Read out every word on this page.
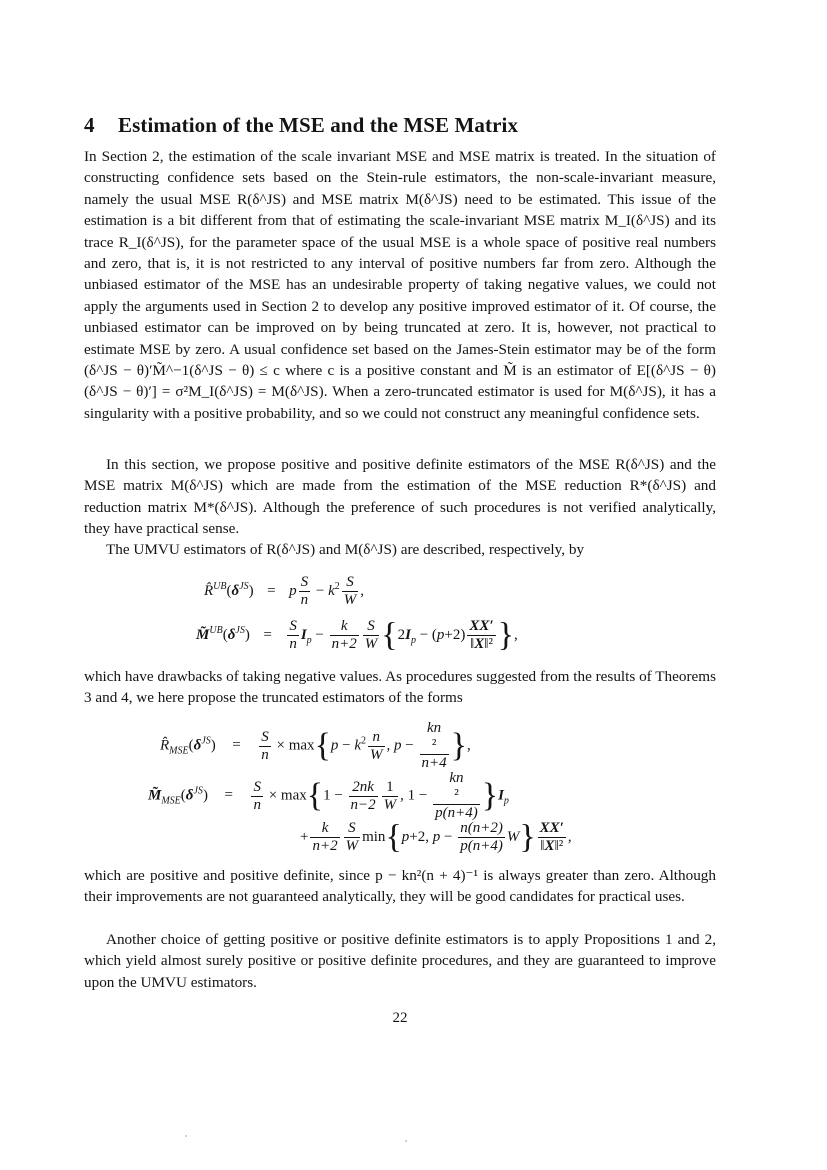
4 Estimation of the MSE and the MSE Matrix

In Section 2, the estimation of the scale invariant MSE and MSE matrix is treated. In the situation of constructing confidence sets based on the Stein-rule estimators, the non-scale-invariant measure, namely the usual MSE R(δ^JS) and MSE matrix M(δ^JS) need to be estimated. This issue of the estimation is a bit different from that of estimating the scale-invariant MSE matrix M_I(δ^JS) and its trace R_I(δ^JS), for the parameter space of the usual MSE is a whole space of positive real numbers and zero, that is, it is not restricted to any interval of positive numbers far from zero. Although the unbiased estimator of the MSE has an undesirable property of taking negative values, we could not apply the arguments used in Section 2 to develop any positive improved estimator of it. Of course, the unbiased estimator can be improved on by being truncated at zero. It is, however, not practical to estimate MSE by zero. A usual confidence set based on the James-Stein estimator may be of the form (δ^JS − θ)′M̃^−1(δ^JS − θ) ≤ c where c is a positive constant and M̃ is an estimator of E[(δ^JS − θ)(δ^JS − θ)′] = σ²M_I(δ^JS) = M(δ^JS). When a zero-truncated estimator is used for M(δ^JS), it has a singularity with a positive probability, and so we could not construct any meaningful confidence sets.

In this section, we propose positive and positive definite estimators of the MSE R(δ^JS) and the MSE matrix M(δ^JS) which are made from the estimation of the MSE reduction R*(δ^JS) and reduction matrix M*(δ^JS). Although the preference of such procedures is not verified analytically, they have practical sense.

The UMVU estimators of R(δ^JS) and M(δ^JS) are described, respectively, by

$R̂^{UB}(\delta^{JS}) = p \frac{S}{n} - k^2 \frac{S}{W}$ ,
$M̃^{UB}(\delta^{JS}) = \frac{S}{n} I_p - \frac{k}{n+2} \frac{S}{W} \{2I_p - (p+2) \frac{XX'}{\text{‖X‖²}}$ },

which have drawbacks of taking negative values. As procedures suggested from the results of Theorems 3 and 4, we here propose the truncated estimators of the forms

$R̂_{MSE}(\delta^{JS}) = \frac{S}{n} \times \max\{p - k^2 \frac{n}{W}$ , p −
kn
²
n+4 },
$M̃_{MSE}(\delta^{JS}) = \frac{S}{n} \times \max\{1 - \frac{2nk}{n-2} \frac{1}{W}$ , 1 −
kn
²
p(n+4) }$I_p$
+ $\frac{k}{n+2} \frac{S}{W} \min\{p+2$, $p - \frac{n(n+2)}{p(n+4)} W\} \frac{XX'}{\text{‖X‖²}}$ ,

which are positive and positive definite, since p − kn²(n + 4)⁻¹ is always greater than zero. Although their improvements are not guaranteed analytically, they will be good candidates for practical uses.

Another choice of getting positive or positive definite estimators is to apply Propositions 1 and 2, which yield almost surely positive or positive definite procedures, and they are guaranteed to improve upon the UMVU estimators.

22
